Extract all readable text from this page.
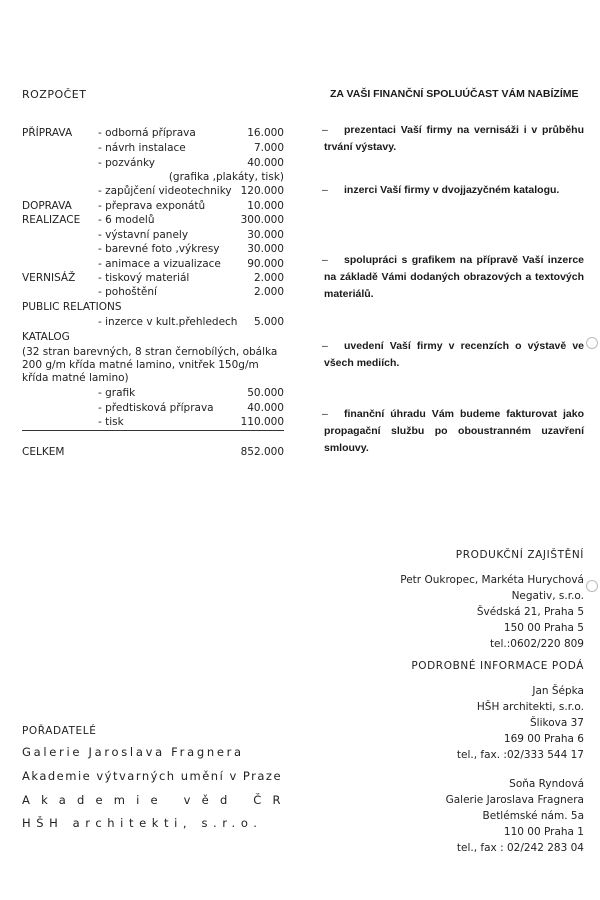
ROZPOČET
PŘÍPRAVA - odborná příprava	16.000
- návrh instalace	7.000
- pozvánky	40.000
(grafika ,plakáty, tisk)
- zapůjčení videotechniky 120.000
DOPRAVA - přeprava exponátů	10.000
REALIZACE - 6 modelů	300.000
- výstavní panely	30.000
- barevné foto ,výkresy	30.000
- animace a vizualizace	90.000
VERNISÁŽ - tiskový materiál	2.000
- pohoštění	2.000
PUBLIC RELATIONS
- inzerce v kult.přehledech 5.000
KATALOG
(32 stran barevných, 8 stran černobílých, obálka 200 g/m křída matné lamino, vnitřek 150g/m křída matné lamino)
- grafik	50.000
- předtisková příprava	40.000
- tisk	110.000
CELKEM	852.000
ZA VAŠI FINANČNÍ SPOLUÚČAST VÁM NABÍZÍME
–	prezentaci Vaší firmy na vernisáži i v průběhu trvání výstavy.
–	inzerci Vaší firmy v dvojjazyčném katalogu.
–	spolupráci s grafikem na přípravě Vaší inzerce na základě Vámi dodaných obrazových a textových materiálů.
–	uvedení Vaší firmy v recenzích o výstavě ve všech mediích.
–	finanční úhradu Vám budeme fakturovat jako propagační službu po oboustranném uzavření smlouvy.
PRODUKČNÍ ZAJIŠTĚNÍ
Petr Oukropec, Markéta Hurychová
Negativ, s.r.o.
Švédská 21, Praha 5
150 00 Praha 5
tel.:0602/220 809
PODROBNÉ INFORMACE PODÁ
Jan Šépka
HŠH architekti, s.r.o.
Šlikova 37
169 00 Praha 6
tel., fax. :02/333 544 17
Soňa Ryndová
Galerie Jaroslava Fragnera
Betlémské nám. 5a
110 00 Praha 1
tel., fax : 02/242 283 04
POŘADATELÉ
Galerie Jaroslava Fragnera
Akademie výtvarných umění v Praze
Akademie věd ČR
HŠH architekti, s.r.o.
